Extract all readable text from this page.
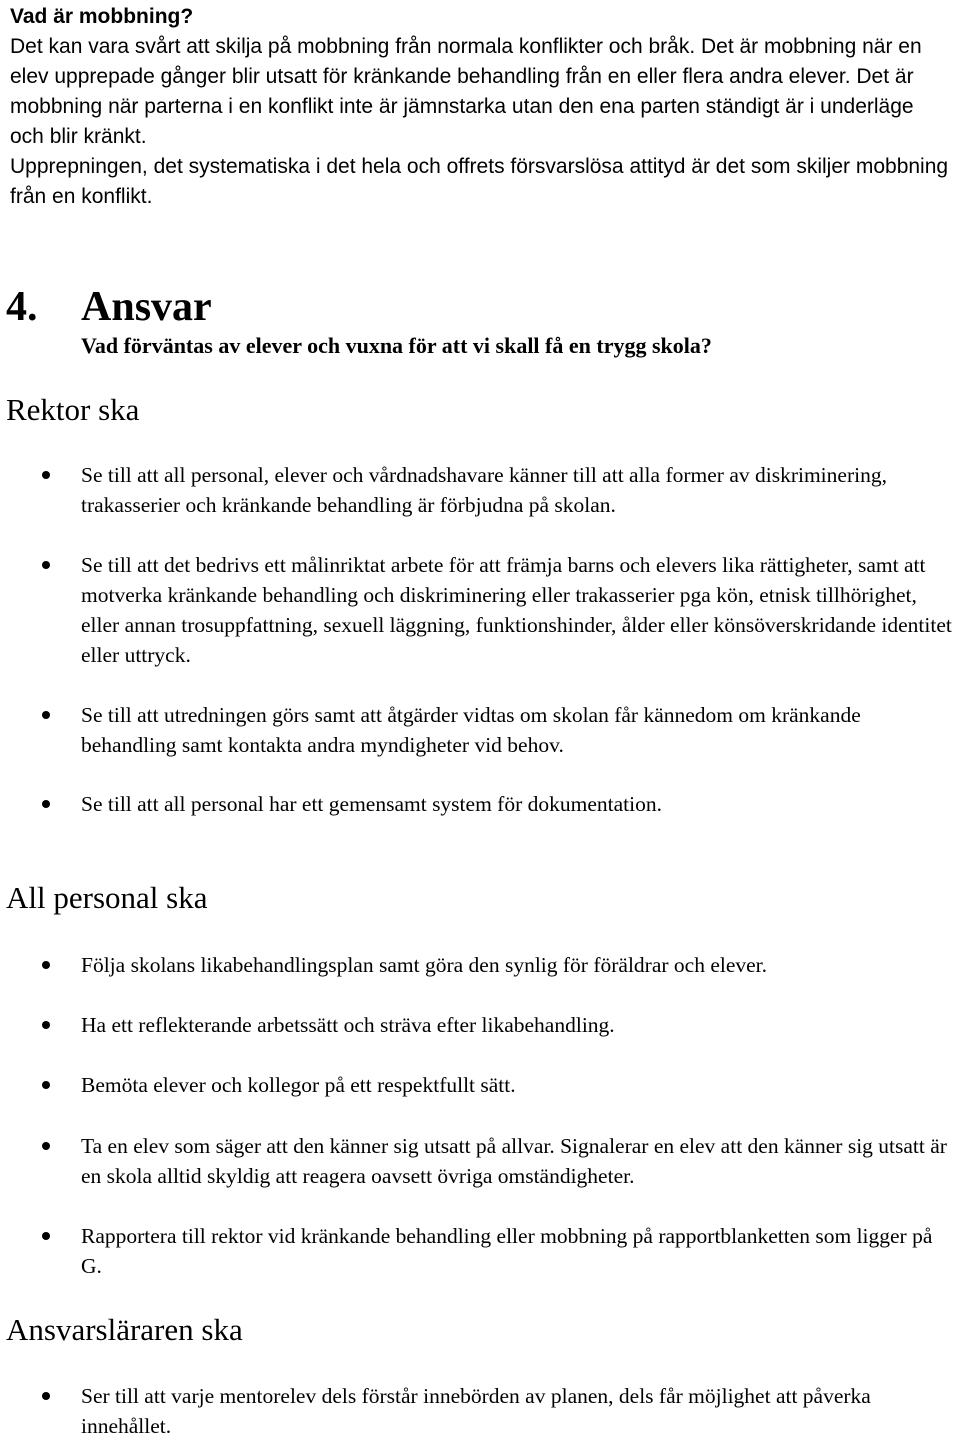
Vad är mobbning?

Det kan vara svårt att skilja på mobbning från normala konflikter och bråk. Det är mobbning när en elev upprepade gånger blir utsatt för kränkande behandling från en eller flera andra elever. Det är mobbning när parterna i en konflikt inte är jämnstarka utan den ena parten ständigt är i underläge och blir kränkt.

Upprepningen, det systematiska i det hela och offrets försvarslösa attityd är det som skiljer mobbning från en konflikt.

4. Ansvar
Vad förväntas av elever och vuxna för att vi skall få en trygg skola?
Rektor ska
Se till att all personal, elever och vårdnadshavare känner till att alla former av diskriminering, trakasserier och kränkande behandling är förbjudna på skolan.
Se till att det bedrivs ett målinriktat arbete för att främja barns och elevers lika rättigheter, samt att motverka kränkande behandling och diskriminering eller trakasserier pga kön, etnisk tillhörighet, eller annan trosuppfattning, sexuell läggning, funktionshinder, ålder eller könsöverskridande identitet eller uttryck.
Se till att utredningen görs samt att åtgärder vidtas om skolan får kännedom om kränkande behandling samt kontakta andra myndigheter vid behov.
Se till att all personal har ett gemensamt system för dokumentation.
All personal ska
Följa skolans likabehandlingsplan samt göra den synlig för föräldrar och elever.
Ha ett reflekterande arbetssätt och sträva efter likabehandling.
Bemöta elever och kollegor på ett respektfullt sätt.
Ta en elev som säger att den känner sig utsatt på allvar. Signalerar en elev att den känner sig utsatt är en skola alltid skyldig att reagera oavsett övriga omständigheter.
Rapportera till rektor vid kränkande behandling eller mobbning på rapportblanketten som ligger på G.
Ansvarsläraren ska
Ser till att varje mentorelev dels förstår innebörden av planen, dels får möjlighet att påverka innehållet.
